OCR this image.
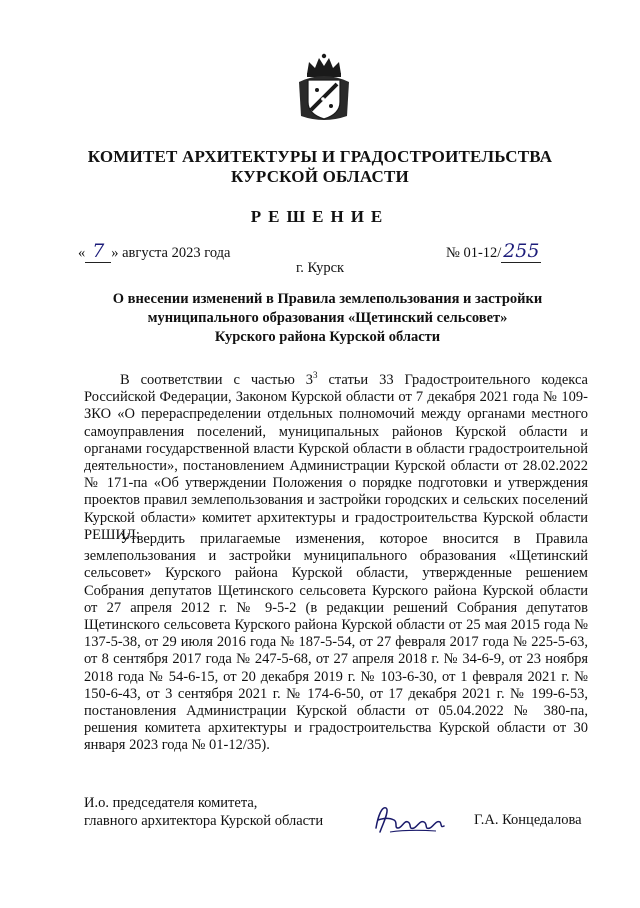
КОМИТЕТ АРХИТЕКТУРЫ И ГРАДОСТРОИТЕЛЬСТВА
КУРСКОЙ ОБЛАСТИ
РЕШЕНИЕ
« 7 » августа 2023 года	№ 01-12/255
г. Курск
О внесении изменений в Правила землепользования и застройки
муниципального образования «Щетинский сельсовет»
Курского района Курской области
В соответствии с частью $3^3$ статьи 33 Градостроительного кодекса Российской Федерации, Законом Курской области от 7 декабря 2021 года № 109-ЗКО «О перераспределении отдельных полномочий между органами местного самоуправления поселений, муниципальных районов Курской области и органами государственной власти Курской области в области градостроительной деятельности», постановлением Администрации Курской области от 28.02.2022 № 171-па «Об утверждении Положения о порядке подготовки и утверждения проектов правил землепользования и застройки городских и сельских поселений Курской области» комитет архитектуры и градостроительства Курской области РЕШИЛ:
Утвердить прилагаемые изменения, которое вносится в Правила землепользования и застройки муниципального образования «Щетинский сельсовет» Курского района Курской области, утвержденные решением Собрания депутатов Щетинского сельсовета Курского района Курской области от 27 апреля 2012 г. № 9-5-2 (в редакции решений Собрания депутатов Щетинского сельсовета Курского района Курской области от 25 мая 2015 года № 137-5-38, от 29 июля 2016 года № 187-5-54, от 27 февраля 2017 года № 225-5-63, от 8 сентября 2017 года № 247-5-68, от 27 апреля 2018 г. № 34-6-9, от 23 ноября 2018 года № 54-6-15, от 20 декабря 2019 г. № 103-6-30, от 1 февраля 2021 г. № 150-6-43, от 3 сентября 2021 г. № 174-6-50, от 17 декабря 2021 г. № 199-6-53, постановления Администрации Курской области от 05.04.2022 № 380-па, решения комитета архитектуры и градостроительства Курской области от 30 января 2023 года № 01-12/35).
И.о. председателя комитета,
главного архитектора Курской области	Г.А. Концедалова
